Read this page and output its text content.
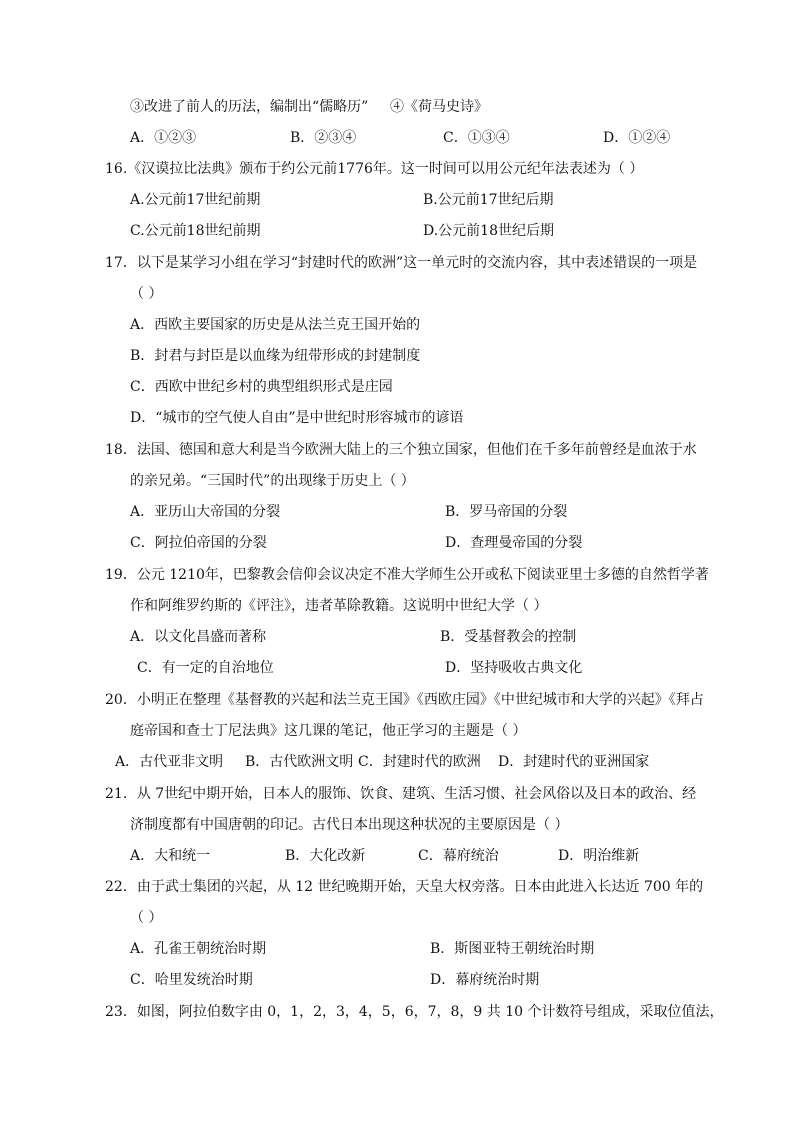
③改进了前人的历法，编制出“儒略历” ④《荷马史诗》
A．①②③	B．②③④	C．①③④	D．①②④
16.《汉谟拉比法典》颁布于约公元前1776年。这一时间可以用公元纪年法表述为（ ）
A.公元前17世纪前期	B.公元前17世纪后期
C.公元前18世纪前期	D.公元前18世纪后期
17．以下是某学习小组在学习“封建时代的欧洲”这一单元时的交流内容，其中表述错误的一项是
（ ）
A．西欧主要国家的历史是从法兰克王国开始的
B．封君与封臣是以血缘为纽带形成的封建制度
C．西欧中世纪乡村的典型组织形式是庄园
D．“城市的空气使人自由”是中世纪时形容城市的谚语
18．法国、德国和意大利是当今欧洲大陆上的三个独立国家，但他们在千多年前曾经是血浓于水
的亲兄弟。“三国时代”的出现缘于历史上（ ）
A．亚历山大帝国的分裂	B．罗马帝国的分裂
C．阿拉伯帝国的分裂	D．查理曼帝国的分裂
19．公元 1210年，巴黎教会信仰会议决定不准大学师生公开或私下阅读亚里士多德的自然哲学著
作和阿维罗约斯的《评注》，违者革除教籍。这说明中世纪大学（ ）
A．以文化昌盛而著称	B．受基督教会的控制
C．有一定的自治地位	D．坚持吸收古典文化
20．小明正在整理《基督教的兴起和法兰克王国》《西欧庄园》《中世纪城市和大学的兴起》《拜占
庭帝国和查士丁尼法典》这几课的笔记，他正学习的主题是（ ）
A．古代亚非文明 B．古代欧洲文明 C．封建时代的欧洲 D．封建时代的亚洲国家
21．从 7世纪中期开始，日本人的服饰、饮食、建筑、生活习惯、社会风俗以及日本的政治、经
济制度都有中国唐朝的印记。古代日本出现这种状况的主要原因是（ ）
A．大和统一	B．大化改新	C．幕府统治	D．明治维新
22．由于武士集团的兴起，从 12 世纪晚期开始，天皇大权旁落。日本由此进入长达近 700 年的
（ ）
A．孔雀王朝统治时期	B．斯图亚特王朝统治时期
C．哈里发统治时期	D．幕府统治时期
23．如图，阿拉伯数字由 0，1，2，3，4，5，6，7，8，9 共 10 个计数符号组成，采取位值法，
